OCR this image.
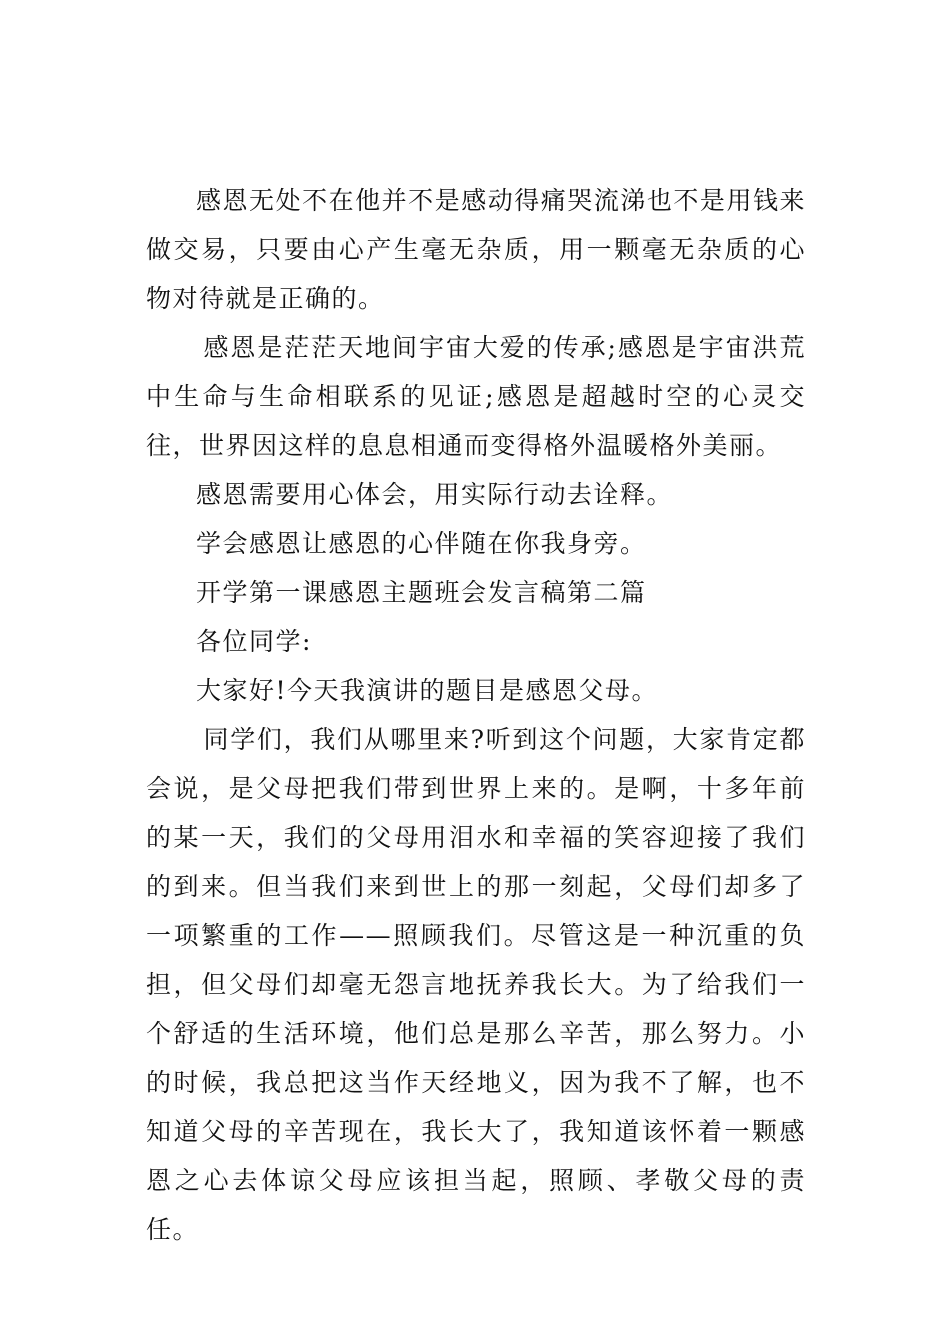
感恩无处不在他并不是感动得痛哭流涕也不是用钱来做交易，只要由心产生毫无杂质，用一颗毫无杂质的心物对待就是正确的。

感恩是茫茫天地间宇宙大爱的传承;感恩是宇宙洪荒中生命与生命相联系的见证;感恩是超越时空的心灵交往，世界因这样的息息相通而变得格外温暖格外美丽。

感恩需要用心体会，用实际行动去诠释。

学会感恩让感恩的心伴随在你我身旁。

开学第一课感恩主题班会发言稿第二篇

各位同学:

大家好!今天我演讲的题目是感恩父母。

同学们，我们从哪里来?听到这个问题，大家肯定都会说，是父母把我们带到世界上来的。是啊，十多年前的某一天，我们的父母用泪水和幸福的笑容迎接了我们的到来。但当我们来到世上的那一刻起，父母们却多了一项繁重的工作——照顾我们。尽管这是一种沉重的负担，但父母们却毫无怨言地抚养我长大。为了给我们一个舒适的生活环境，他们总是那么辛苦，那么努力。小的时候，我总把这当作天经地义，因为我不了解，也不知道父母的辛苦现在，我长大了，我知道该怀着一颗感恩之心去体谅父母应该担当起，照顾、孝敬父母的责任。
